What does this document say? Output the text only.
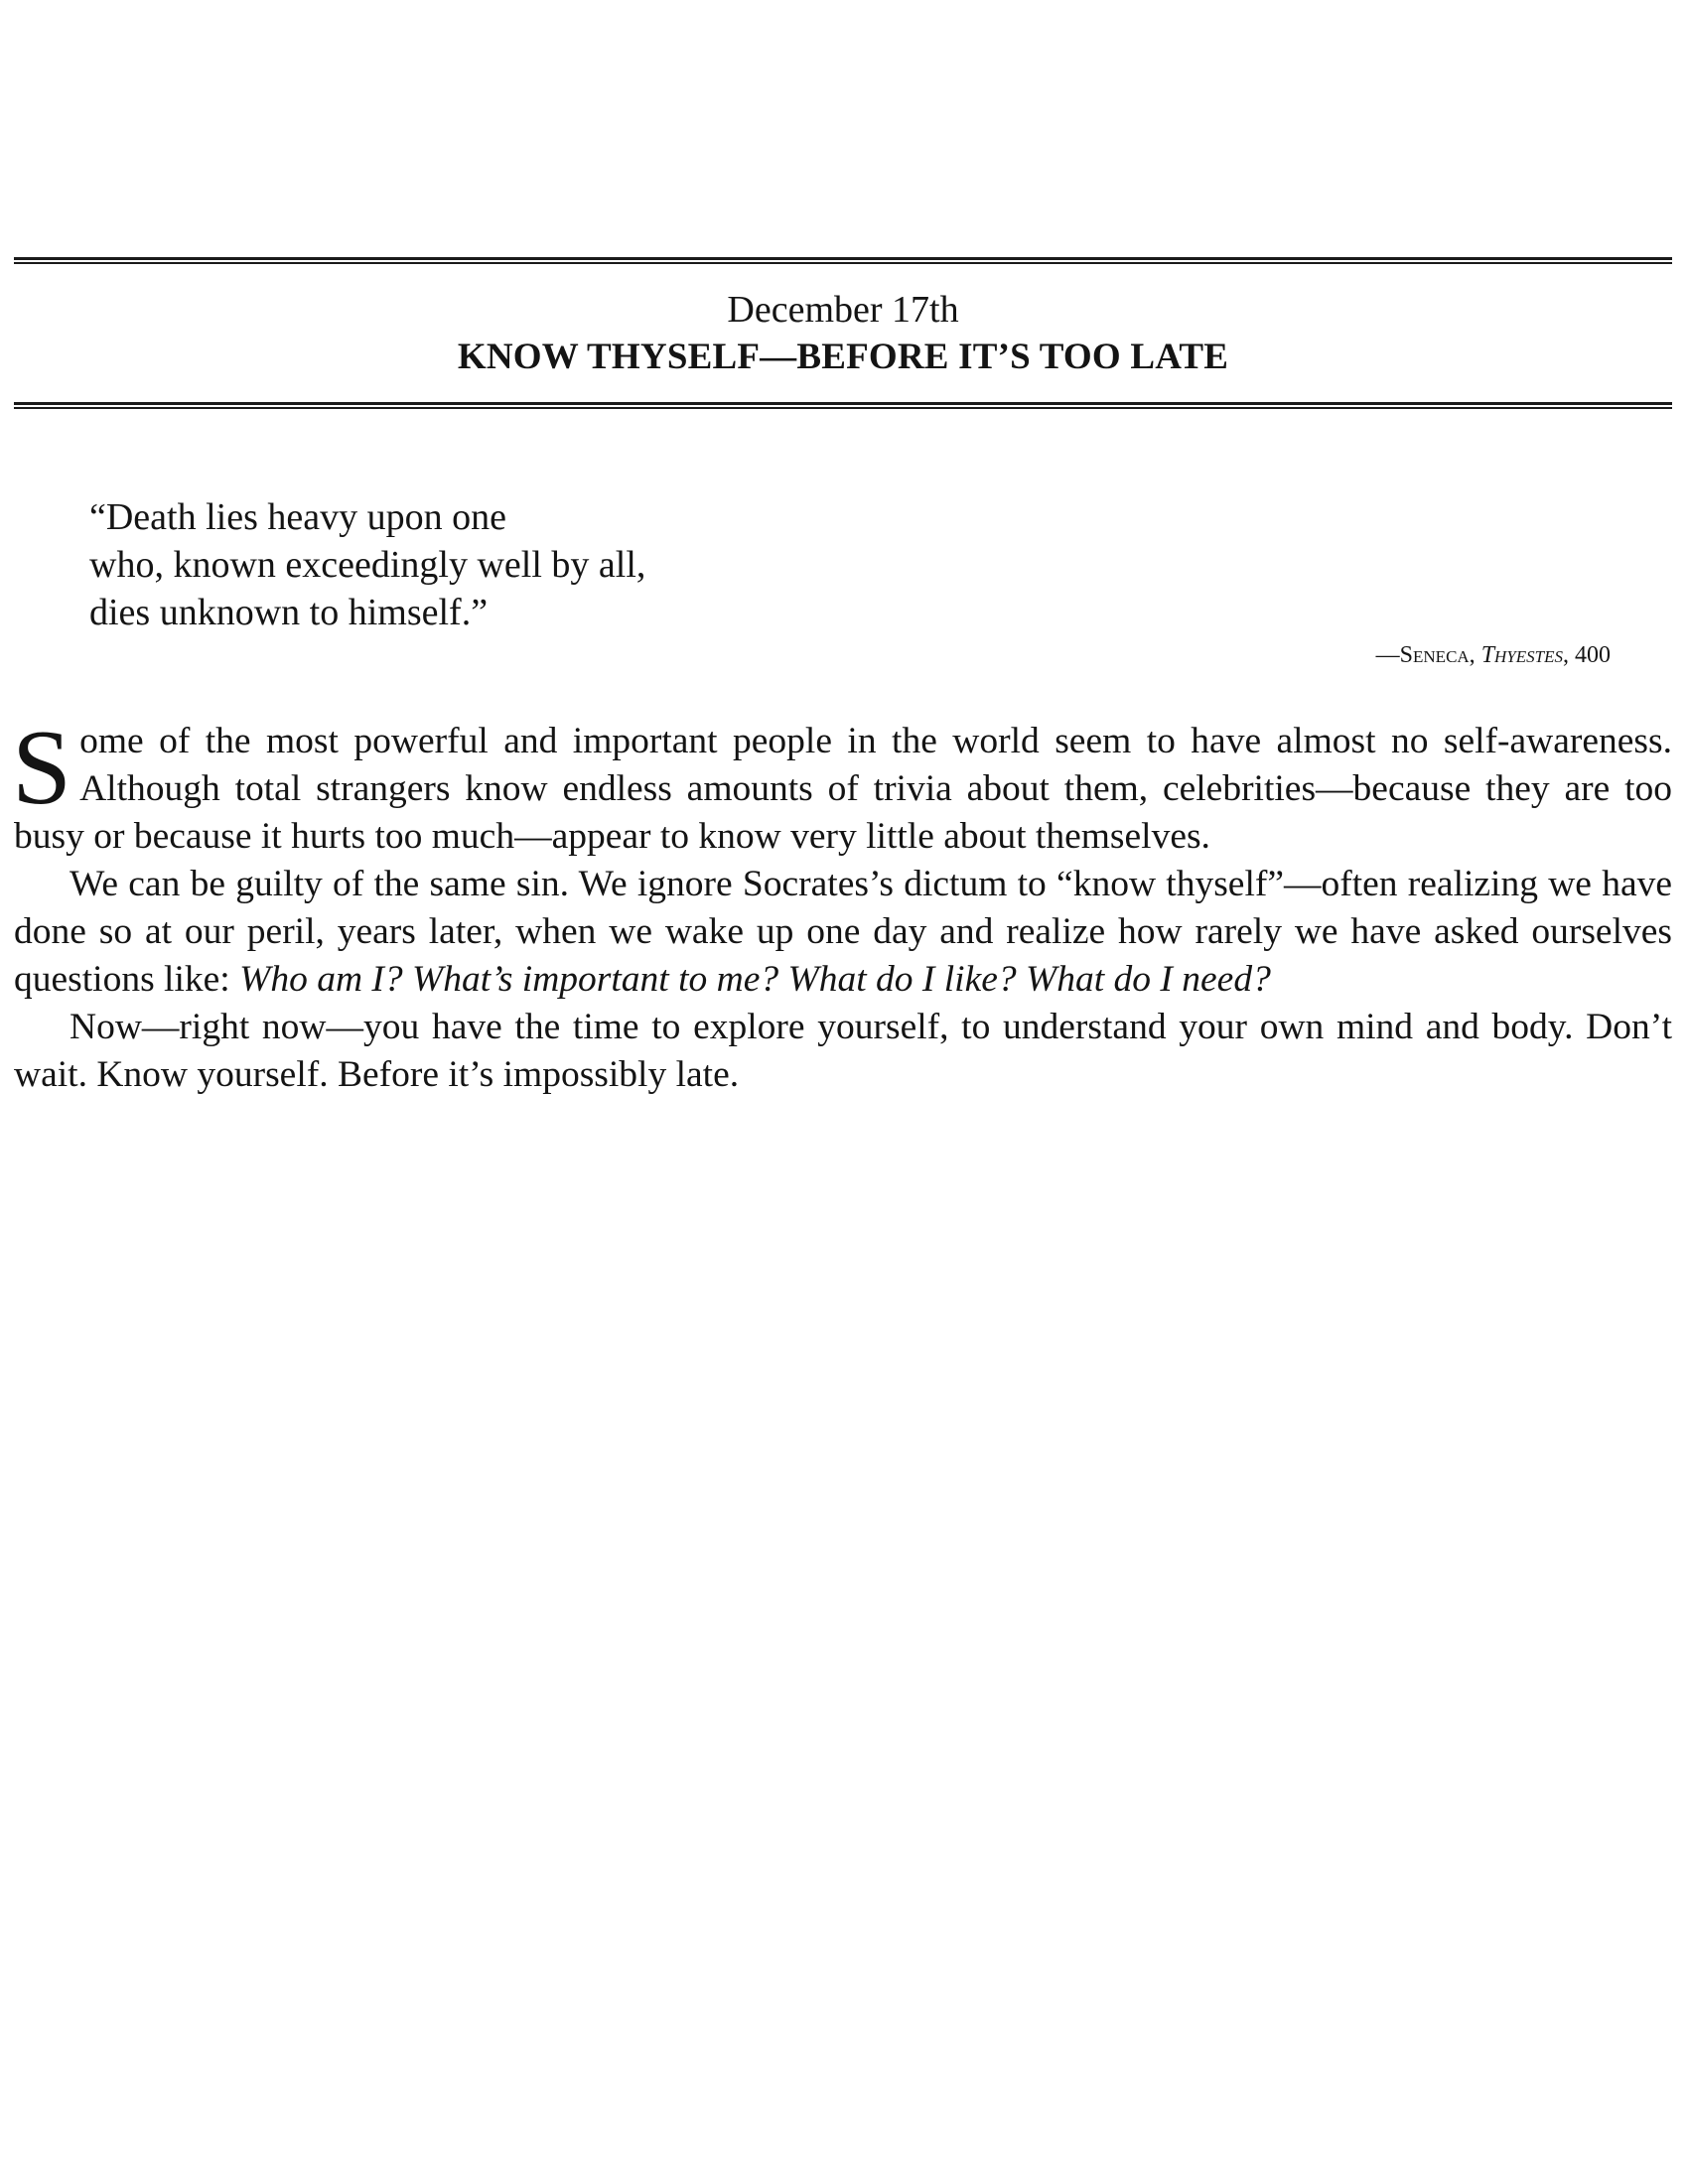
December 17th
KNOW THYSELF—BEFORE IT’S TOO LATE
“Death lies heavy upon one
who, known exceedingly well by all,
dies unknown to himself.”
—Seneca, Thyestes, 400

Some of the most powerful and important people in the world seem to have almost no self-awareness. Although total strangers know endless amounts of trivia about them, celebrities—because they are too busy or because it hurts too much—appear to know very little about themselves.

We can be guilty of the same sin. We ignore Socrates’s dictum to “know thyself”—often realizing we have done so at our peril, years later, when we wake up one day and realize how rarely we have asked ourselves questions like: Who am I? What’s important to me? What do I like? What do I need?

Now—right now—you have the time to explore yourself, to understand your own mind and body. Don’t wait. Know yourself. Before it’s impossibly late.
